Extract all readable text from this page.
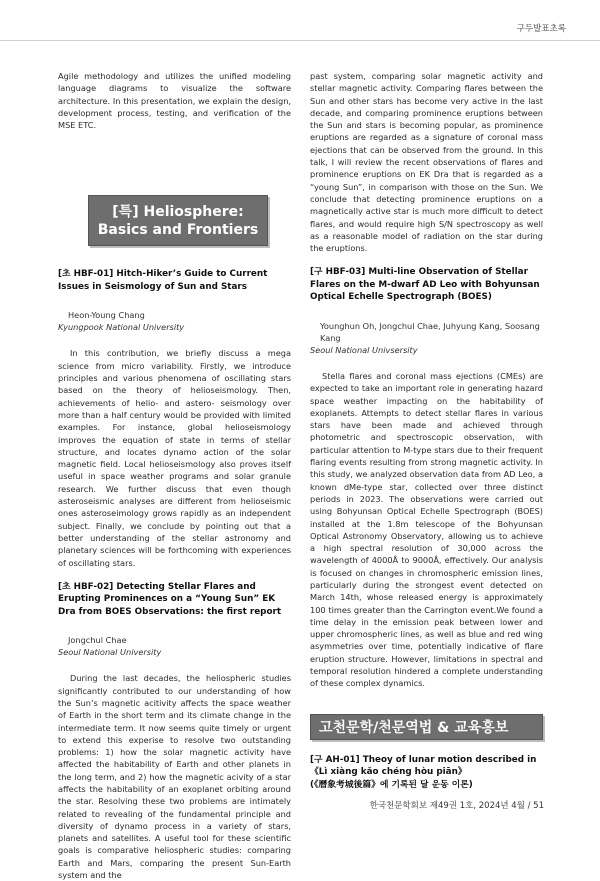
구두발표초록

Agile methodology and utilizes the unified modeling language diagrams to visualize the software architecture. In this presentation, we explain the design, development process, testing, and verification of the MSE ETC.

[특] Heliosphere:
Basics and Frontiers
[초 HBF-01] Hitch-Hiker’s Guide to Current Issues in Seismology of Sun and Stars
Heon-Young Chang
Kyungpook National University

In this contribution, we briefly discuss a mega science from micro variability. Firstly, we introduce principles and various phenomena of oscillating stars based on the theory of helioseismology. Then, achievements of helio- and astero- seismology over more than a half century would be provided with limited examples. For instance, global helioseismology improves the equation of state in terms of stellar structure, and locates dynamo action of the solar magnetic field. Local helioseismology also proves itself useful in space weather programs and solar granule research. We further discuss that even though asteroseismic analyses are different from helioseismic ones asteroseimology grows rapidly as an independent subject. Finally, we conclude by pointing out that a better understanding of the stellar astronomy and planetary sciences will be forthcoming with experiences of oscillating stars.

[초 HBF-02] Detecting Stellar Flares and Erupting Prominences on a “Young Sun” EK Dra from BOES Observations: the first report
Jongchul Chae
Seoul National University

During the last decades, the heliospheric studies significantly contributed to our understanding of how the Sun’s magnetic acitivity affects the space weather of Earth in the short term and its climate change in the intermediate term. It now seems quite timely or urgent to extend this experise to resolve two outstanding problems: 1) how the solar magnetic activity have affected the habitability of Earth and other planets in the long term, and 2) how the magnetic acivity of a star affects the habitability of an exoplanet orbiting around the star. Resolving these two problems are intimately related to revealing of the fundamental principle and diversity of dynamo process in a variety of stars, planets and satellites. A useful tool for these scientific goals is comparative heliospheric studies: comparing Earth and Mars, comparing the present Sun-Earth system and the

past system, comparing solar magnetic activity and stellar magnetic activity. Comparing flares between the Sun and other stars has become very active in the last decade, and comparing prominence eruptions between the Sun and stars is becoming popular, as prominence eruptions are regarded as a signature of coronal mass ejections that can be observed from the ground. In this talk, I will review the recent observations of flares and prominence eruptions on EK Dra that is regarded as a “young Sun”, in comparison with those on the Sun. We conclude that detecting prominence eruptions on a magnetically active star is much more difficult to detect flares, and would require high S/N spectroscopy as well as a reasonable model of radiation on the star during the eruptions.

[구 HBF-03] Multi-line Observation of Stellar Flares on the M-dwarf AD Leo with Bohyunsan Optical Echelle Spectrograph (BOES)
Younghun Oh, Jongchul Chae, Juhyung Kang, Soosang Kang
Seoul National Univsersity

Stella flares and coronal mass ejections (CMEs) are expected to take an important role in generating hazard space weather impacting on the habitability of exoplanets. Attempts to detect stellar flares in various stars have been made and achieved through photometric and spectroscopic observation, with particular attention to M-type stars due to their frequent flaring events resulting from strong magnetic activity. In this study, we analyzed observation data from AD Leo, a known dMe-type star, collected over three distinct periods in 2023. The observations were carried out using Bohyunsan Optical Echelle Spectrograph (BOES) installed at the 1.8m telescope of the Bohyunsan Optical Astronomy Observatory, allowing us to achieve a high spectral resolution of 30,000 across the wavelength of 4000Å to 9000Å, effectively. Our analysis is focused on changes in chromospheric emission lines, particularly during the strongest event detected on March 14th, whose released energy is approximately 100 times greater than the Carrington event.We found a time delay in the emission peak between lower and upper chromospheric lines, as well as blue and red wing asymmetries over time, potentially indicative of flare eruption structure. However, limitations in spectral and temporal resolution hindered a complete understanding of these complex dynamics.

고천문학/천문역법 & 교육홍보
[구 AH-01] Theoy of lunar motion described in
《Lì xiàng kǎo chéng hòu piān》
(《曆象考城後篇》에 기록된 달 운동 이론)
한국천문학회보 제49권 1호, 2024년 4월 / 51
